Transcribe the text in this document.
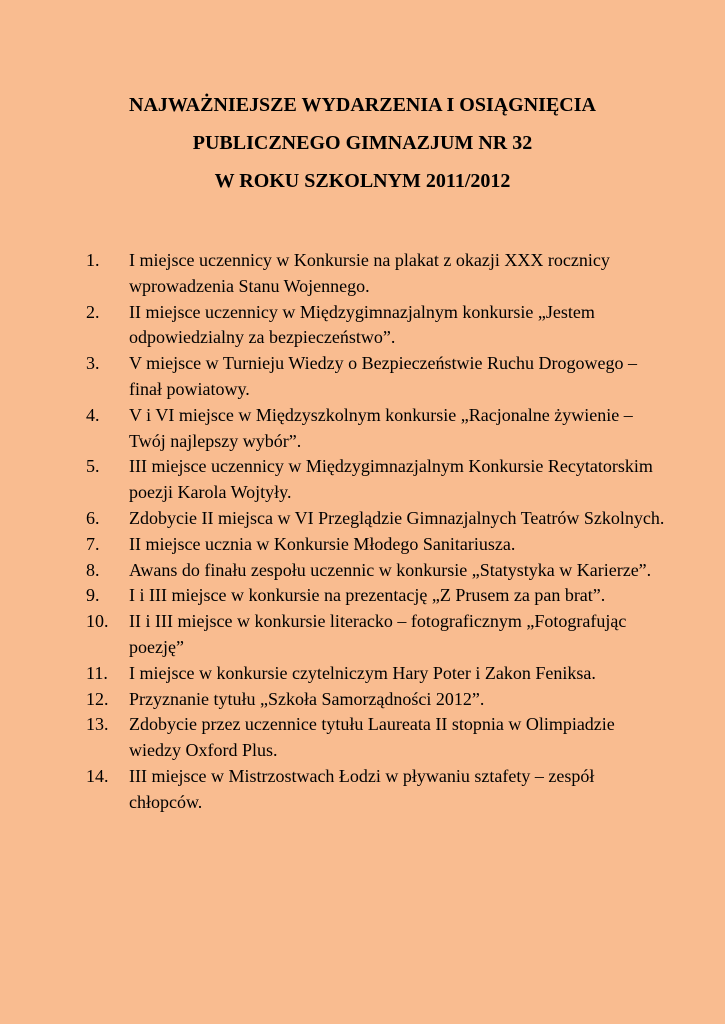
NAJWAŻNIEJSZE WYDARZENIA I OSIĄGNIĘCIA
PUBLICZNEGO GIMNAZJUM NR 32
W ROKU SZKOLNYM 2011/2012
1. I miejsce uczennicy w Konkursie na plakat z okazji XXX rocznicy wprowadzenia Stanu Wojennego.
2. II miejsce uczennicy w Międzygimnazjalnym konkursie „Jestem odpowiedzialny za bezpieczeństwo”.
3. V miejsce w Turnieju Wiedzy o Bezpieczeństwie Ruchu Drogowego – finał powiatowy.
4. V i VI miejsce w Międzyszkolnym konkursie „Racjonalne żywienie – Twój najlepszy wybór”.
5. III miejsce uczennicy w Międzygimnazjalnym Konkursie Recytatorskim poezji Karola Wojtyły.
6. Zdobycie II miejsca w VI Przeglądzie Gimnazjalnych Teatrów Szkolnych.
7. II miejsce ucznia w Konkursie Młodego Sanitariusza.
8. Awans do finału zespołu uczennic w konkursie „Statystyka w Karierze”.
9. I i III miejsce w konkursie na prezentację „Z Prusem za pan brat”.
10. II i III miejsce w konkursie literacko – fotograficznym „Fotografując poezję”
11. I miejsce w konkursie czytelniczym Hary Poter i Zakon Feniksa.
12. Przyznanie tytułu „Szkoła Samorządności 2012”.
13. Zdobycie przez uczennice tytułu Laureata II stopnia w Olimpiadzie wiedzy Oxford Plus.
14. III miejsce w Mistrzostwach Łodzi w pływaniu sztafety – zespół chłopców.
